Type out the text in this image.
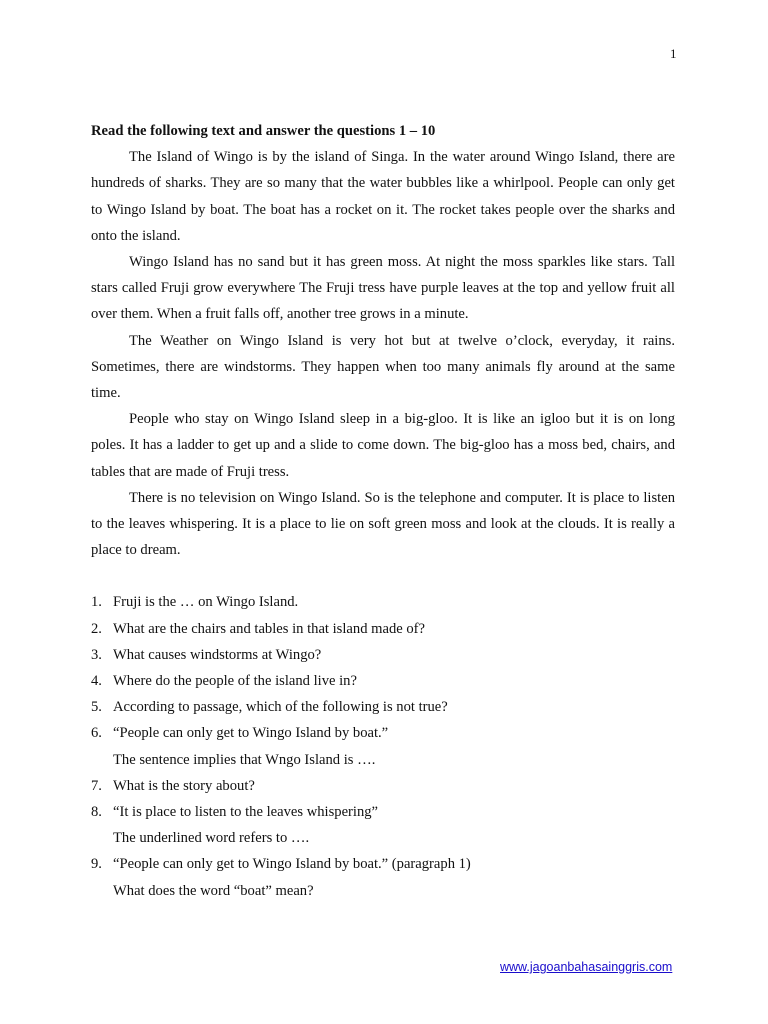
1

Read the following text and answer the questions 1 – 10

The Island of Wingo is by the island of Singa. In the water around Wingo Island, there are hundreds of sharks. They are so many that the water bubbles like a whirlpool. People can only get to Wingo Island by boat. The boat has a rocket on it. The rocket takes people over the sharks and onto the island.

Wingo Island has no sand but it has green moss. At night the moss sparkles like stars. Tall stars called Fruji grow everywhere The Fruji tress have purple leaves at the top and yellow fruit all over them. When a fruit falls off, another tree grows in a minute.

The Weather on Wingo Island is very hot but at twelve o’clock, everyday, it rains. Sometimes, there are windstorms. They happen when too many animals fly around at the same time.

People who stay on Wingo Island sleep in a big-gloo. It is like an igloo but it is on long poles. It has a ladder to get up and a slide to come down. The big-gloo has a moss bed, chairs, and tables that are made of Fruji tress.

There is no television on Wingo Island. So is the telephone and computer. It is place to listen to the leaves whispering. It is a place to lie on soft green moss and look at the clouds. It is really a place to dream.

1. Fruji is the … on Wingo Island.
2. What are the chairs and tables in that island made of?
3. What causes windstorms at Wingo?
4. Where do the people of the island live in?
5. According to passage, which of the following is not true?
6. “People can only get to Wingo Island by boat.”
The sentence implies that Wngo Island is ….
7. What is the story about?
8. “It is place to listen to the leaves whispering”
The underlined word refers to ….
9. “People can only get to Wingo Island by boat.” (paragraph 1)
What does the word “boat” mean?
www.jagoanbahasainggris.com
